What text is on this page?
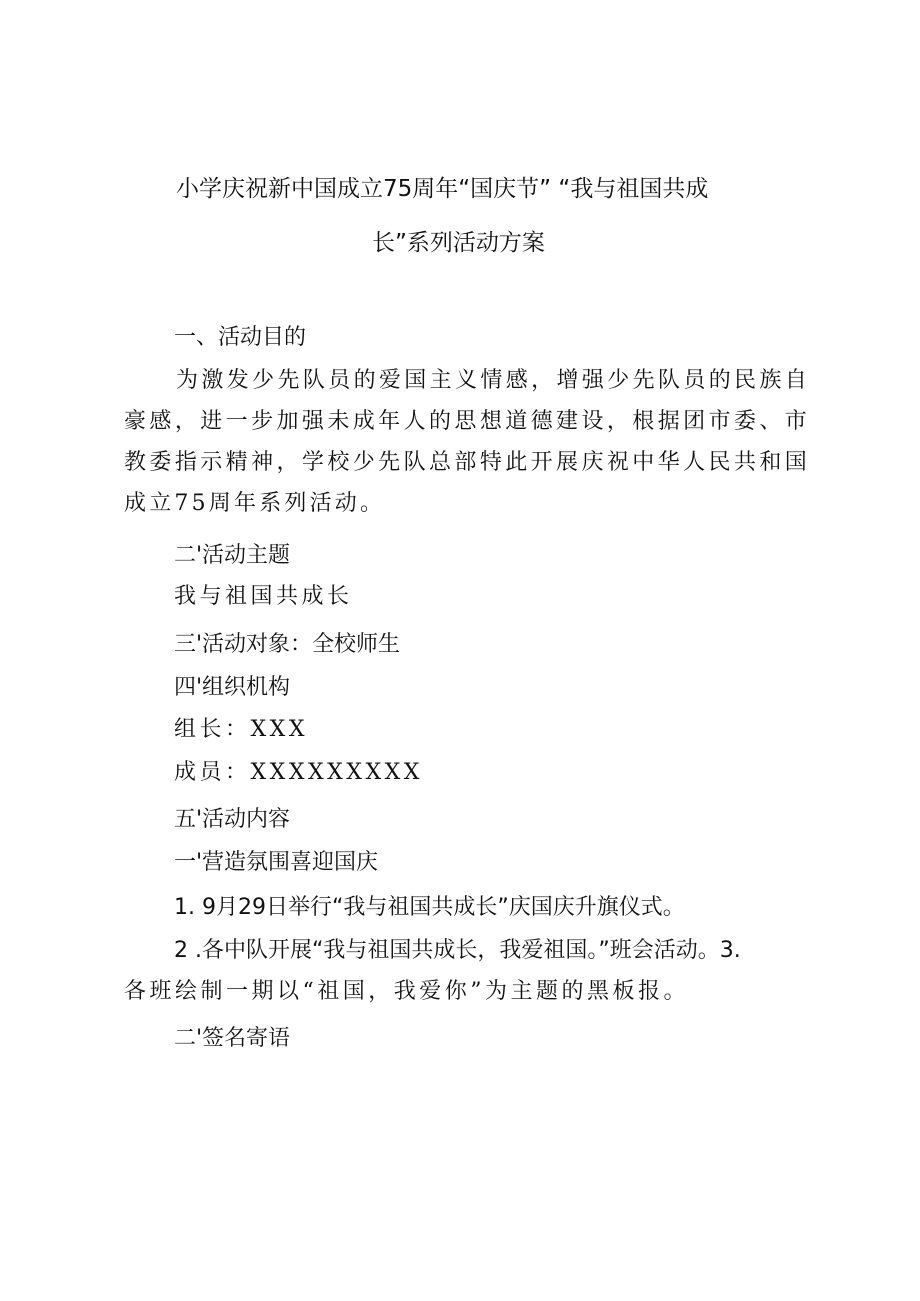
小学庆祝新中国成立75周年“国庆节” “我与祖国共成
长”系列活动方案
一、活动目的
为激发少先队员的爱国主义情感，增强少先队员的民族自豪感，进一步加强未成年人的思想道德建设，根据团市委、市教委指示精神，学校少先队总部特此开展庆祝中华人民共和国成立75周年系列活动。
二'活动主题
我与祖国共成长
三'活动对象：全校师生
四'组织机构
组长：XXX
成员：XXXXXXXXX
五'活动内容
一'营造氛围喜迎国庆
1. 9月29日举行“我与祖国共成长”庆国庆升旗仪式。
2 .各中队开展“我与祖国共成长，我爱祖国。”班会活动。3.
各班绘制一期以“祖国，我爱你”为主题的黑板报。
二'签名寄语
